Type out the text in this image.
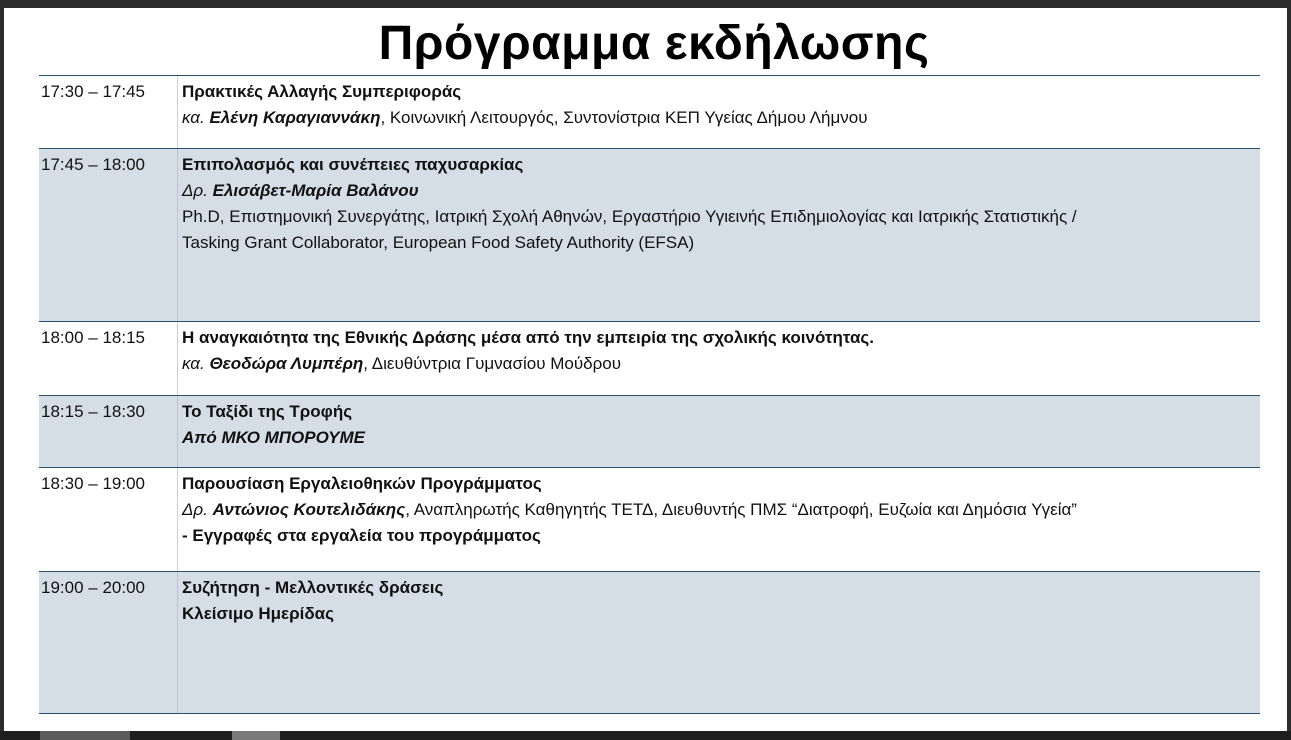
Πρόγραμμα εκδήλωσης
17:30 – 17:45	Πρακτικές Αλλαγής Συμπεριφοράς
κα. Ελένη Καραγιαννάκη, Κοινωνική Λειτουργός, Συντονίστρια ΚΕΠ Υγείας Δήμου Λήμνου
17:45 – 18:00	Επιπολασμός και συνέπειες παχυσαρκίας
Δρ. Ελισάβετ-Μαρία Βαλάνου
Ph.D, Επιστημονική Συνεργάτης, Ιατρική Σχολή Αθηνών, Εργαστήριο Υγιεινής Επιδημιολογίας και Ιατρικής Στατιστικής /
Tasking Grant Collaborator, European Food Safety Authority (EFSA)
18:00 – 18:15	Η αναγκαιότητα της Εθνικής Δράσης μέσα από την εμπειρία της σχολικής κοινότητας.
κα. Θεοδώρα Λυμπέρη, Διευθύντρια Γυμνασίου Μούδρου
18:15 – 18:30	Το Ταξίδι της Τροφής
Από ΜΚΟ ΜΠΟΡΟΥΜΕ
18:30 – 19:00	Παρουσίαση Εργαλειοθηκών Προγράμματος
Δρ. Αντώνιος Κουτελιδάκης, Αναπληρωτής Καθηγητής ΤΕΤΔ, Διευθυντής ΠΜΣ “Διατροφή, Ευζωία και Δημόσια Υγεία”
- Εγγραφές στα εργαλεία του προγράμματος
19:00 – 20:00	Συζήτηση - Μελλοντικές δράσεις
Κλείσιμο Ημερίδας
